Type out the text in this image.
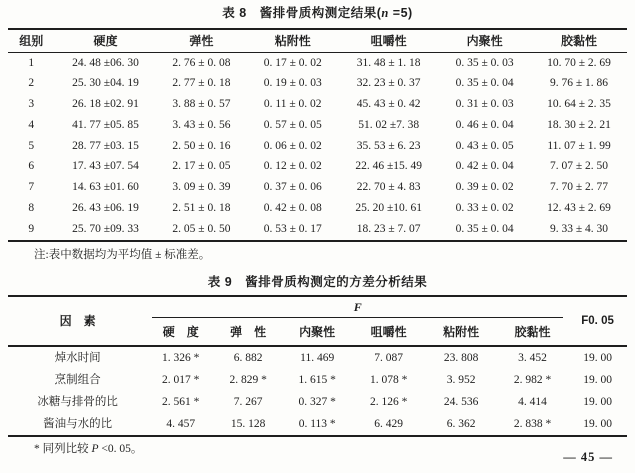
表 8　酱排骨质构测定结果(n =5)
组别	硬度	弹性	粘附性	咀嚼性	内聚性	胶黏性
1	24. 48 ±06. 30	2. 76 ± 0. 08	0. 17 ± 0. 02	31. 48 ± 1. 18	0. 35 ± 0. 03	10. 70 ± 2. 69
2	25. 30 ±04. 19	2. 77 ± 0. 18	0. 19 ± 0. 03	32. 23 ± 0. 37	0. 35 ± 0. 04	9. 76 ± 1. 86
3	26. 18 ±02. 91	3. 88 ± 0. 57	0. 11 ± 0. 02	45. 43 ± 0. 42	0. 31 ± 0. 03	10. 64 ± 2. 35
4	41. 77 ±05. 85	3. 43 ± 0. 56	0. 57 ± 0. 05	51. 02 ±7. 38	0. 46 ± 0. 04	18. 30 ± 2. 21
5	28. 77 ±03. 15	2. 50 ± 0. 16	0. 06 ± 0. 02	35. 53 ± 6. 23	0. 43 ± 0. 05	11. 07 ± 1. 99
6	17. 43 ±07. 54	2. 17 ± 0. 05	0. 12 ± 0. 02	22. 46 ±15. 49	0. 42 ± 0. 04	7. 07 ± 2. 50
7	14. 63 ±01. 60	3. 09 ± 0. 39	0. 37 ± 0. 06	22. 70 ± 4. 83	0. 39 ± 0. 02	7. 70 ± 2. 77
8	26. 43 ±06. 19	2. 51 ± 0. 18	0. 42 ± 0. 08	25. 20 ±10. 61	0. 33 ± 0. 02	12. 43 ± 2. 69
9	25. 70 ±09. 33	2. 05 ± 0. 50	0. 53 ± 0. 17	18. 23 ± 7. 07	0. 35 ± 0. 04	9. 33 ± 4. 30
注:表中数据均为平均值 ± 标准差。
表 9　酱排骨质构测定的方差分析结果
因　素	F						F0. 05
	硬　度	弹　性	内聚性	咀嚼性	粘附性	胶黏性	
焯水时间	1. 326 *	6. 882	11. 469	7. 087	23. 808	3. 452	19. 00
烹制组合	2. 017 *	2. 829 *	1. 615 *	1. 078 *	3. 952	2. 982 *	19. 00
冰糖与排骨的比	2. 561 *	7. 267	0. 327 *	2. 126 *	24. 536	4. 414	19. 00
酱油与水的比	4. 457	15. 128	0. 113 *	6. 429	6. 362	2. 838 *	19. 00
* 同列比较 P <0. 05。
— 45 —
